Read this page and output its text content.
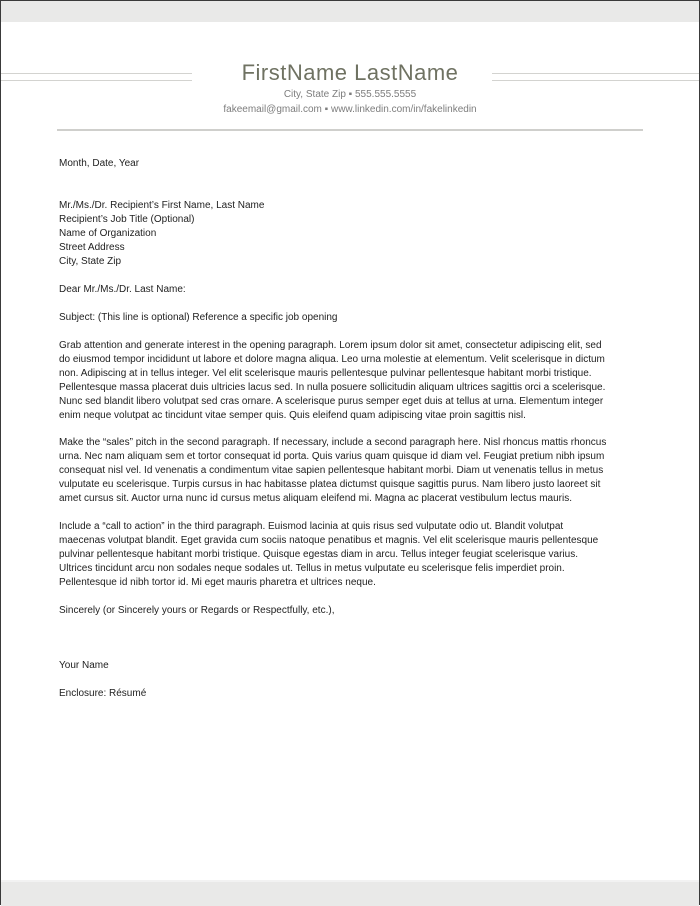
FirstName LastName
City, State Zip ▪ 555.555.5555
fakeemail@gmail.com ▪ www.linkedin.com/in/fakelinkedin

Month, Date, Year

Mr./Ms./Dr. Recipient’s First Name, Last Name

Recipient’s Job Title (Optional)

Name of Organization

Street Address

City, State Zip

Dear Mr./Ms./Dr. Last Name:

Subject: (This line is optional) Reference a specific job opening

Grab attention and generate interest in the opening paragraph. Lorem ipsum dolor sit amet, consectetur adipiscing elit, sed

do eiusmod tempor incididunt ut labore et dolore magna aliqua. Leo urna molestie at elementum. Velit scelerisque in dictum

non. Adipiscing at in tellus integer. Vel elit scelerisque mauris pellentesque pulvinar pellentesque habitant morbi tristique.

Pellentesque massa placerat duis ultricies lacus sed. In nulla posuere sollicitudin aliquam ultrices sagittis orci a scelerisque.

Nunc sed blandit libero volutpat sed cras ornare. A scelerisque purus semper eget duis at tellus at urna. Elementum integer

enim neque volutpat ac tincidunt vitae semper quis. Quis eleifend quam adipiscing vitae proin sagittis nisl.

Make the “sales” pitch in the second paragraph. If necessary, include a second paragraph here. Nisl rhoncus mattis rhoncus

urna. Nec nam aliquam sem et tortor consequat id porta. Quis varius quam quisque id diam vel. Feugiat pretium nibh ipsum

consequat nisl vel. Id venenatis a condimentum vitae sapien pellentesque habitant morbi. Diam ut venenatis tellus in metus

vulputate eu scelerisque. Turpis cursus in hac habitasse platea dictumst quisque sagittis purus. Nam libero justo laoreet sit

amet cursus sit. Auctor urna nunc id cursus metus aliquam eleifend mi. Magna ac placerat vestibulum lectus mauris.

Include a “call to action” in the third paragraph. Euismod lacinia at quis risus sed vulputate odio ut. Blandit volutpat

maecenas volutpat blandit. Eget gravida cum sociis natoque penatibus et magnis. Vel elit scelerisque mauris pellentesque

pulvinar pellentesque habitant morbi tristique. Quisque egestas diam in arcu. Tellus integer feugiat scelerisque varius.

Ultrices tincidunt arcu non sodales neque sodales ut. Tellus in metus vulputate eu scelerisque felis imperdiet proin.

Pellentesque id nibh tortor id. Mi eget mauris pharetra et ultrices neque.

Sincerely (or Sincerely yours or Regards or Respectfully, etc.),

Your Name

Enclosure: Résumé
